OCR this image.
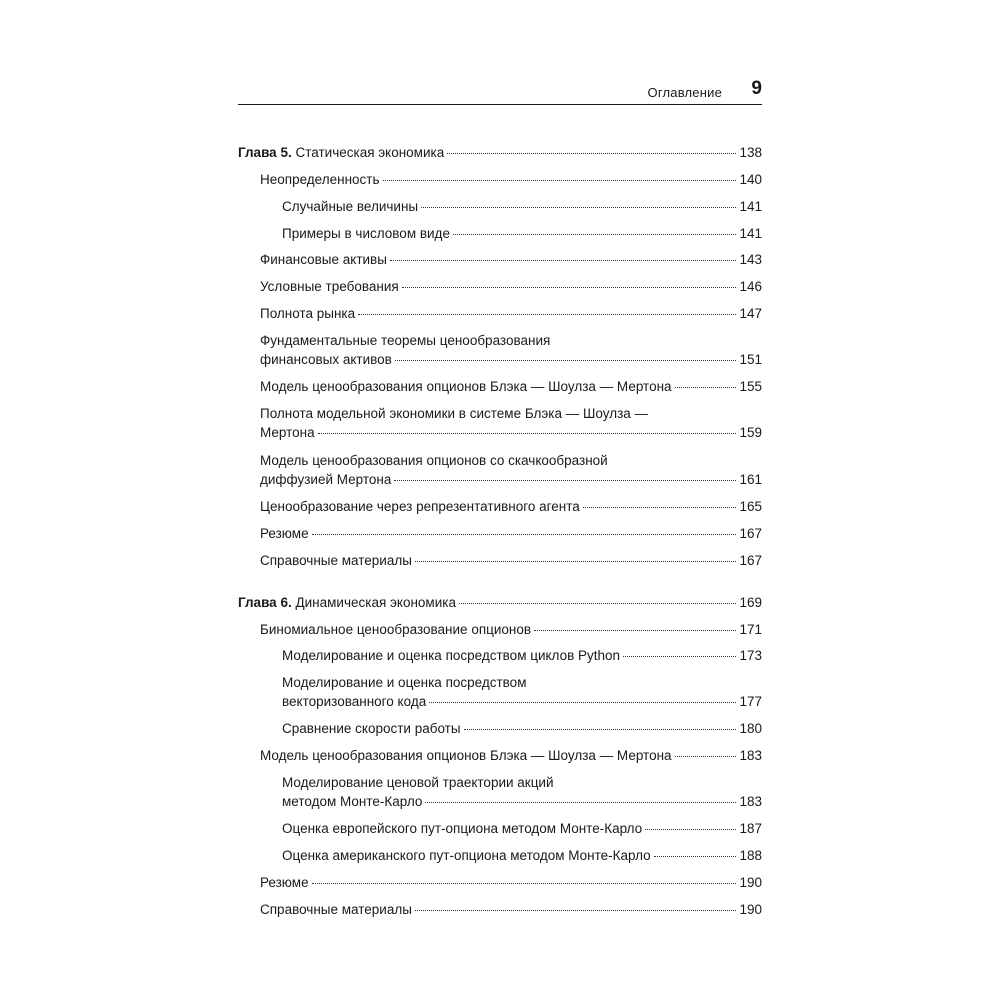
Оглавление 9
Глава 5. Статическая экономика	138
Неопределенность	140
Случайные величины	141
Примеры в числовом виде	141
Финансовые активы	143
Условные требования	146
Полнота рынка	147
Фундаментальные теоремы ценообразования
финансовых активов	151
Модель ценообразования опционов Блэка — Шоулза — Мертона	155
Полнота модельной экономики в системе Блэка — Шоулза —
Мертона	159
Модель ценообразования опционов со скачкообразной
диффузией Мертона	161
Ценообразование через репрезентативного агента	165
Резюме	167
Справочные материалы	167
Глава 6. Динамическая экономика	169
Биномиальное ценообразование опционов	171
Моделирование и оценка посредством циклов Python	173
Моделирование и оценка посредством
векторизованного кода	177
Сравнение скорости работы	180
Модель ценообразования опционов Блэка — Шоулза — Мертона	183
Моделирование ценовой траектории акций
методом Монте-Карло	183
Оценка европейского пут-опциона методом Монте-Карло	187
Оценка американского пут-опциона методом Монте-Карло	188
Резюме	190
Справочные материалы	190
